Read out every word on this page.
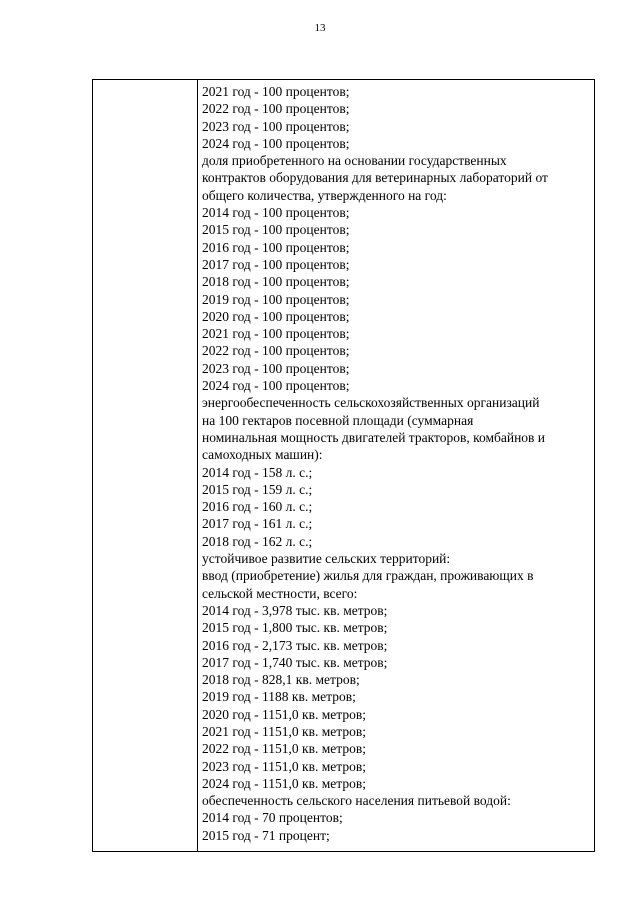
13
2021 год - 100 процентов;
2022 год - 100 процентов;
2023 год - 100 процентов;
2024 год - 100 процентов;
доля приобретенного на основании государственных
контрактов оборудования для ветеринарных лабораторий от
общего количества, утвержденного на год:
2014 год - 100 процентов;
2015 год - 100 процентов;
2016 год - 100 процентов;
2017 год - 100 процентов;
2018 год - 100 процентов;
2019 год - 100 процентов;
2020 год - 100 процентов;
2021 год - 100 процентов;
2022 год - 100 процентов;
2023 год - 100 процентов;
2024 год - 100 процентов;
энергообеспеченность сельскохозяйственных организаций
на 100 гектаров посевной площади (суммарная
номинальная мощность двигателей тракторов, комбайнов и
самоходных машин):
2014 год - 158 л. с.;
2015 год - 159 л. с.;
2016 год - 160 л. с.;
2017 год - 161 л. с.;
2018 год - 162 л. с.;
устойчивое развитие сельских территорий:
ввод (приобретение) жилья для граждан, проживающих в
сельской местности, всего:
2014 год - 3,978 тыс. кв. метров;
2015 год - 1,800 тыс. кв. метров;
2016 год - 2,173 тыс. кв. метров;
2017 год - 1,740 тыс. кв. метров;
2018 год - 828,1 кв. метров;
2019 год - 1188 кв. метров;
2020 год - 1151,0 кв. метров;
2021 год - 1151,0 кв. метров;
2022 год - 1151,0 кв. метров;
2023 год - 1151,0 кв. метров;
2024 год - 1151,0 кв. метров;
обеспеченность сельского населения питьевой водой:
2014 год - 70 процентов;
2015 год - 71 процент;
